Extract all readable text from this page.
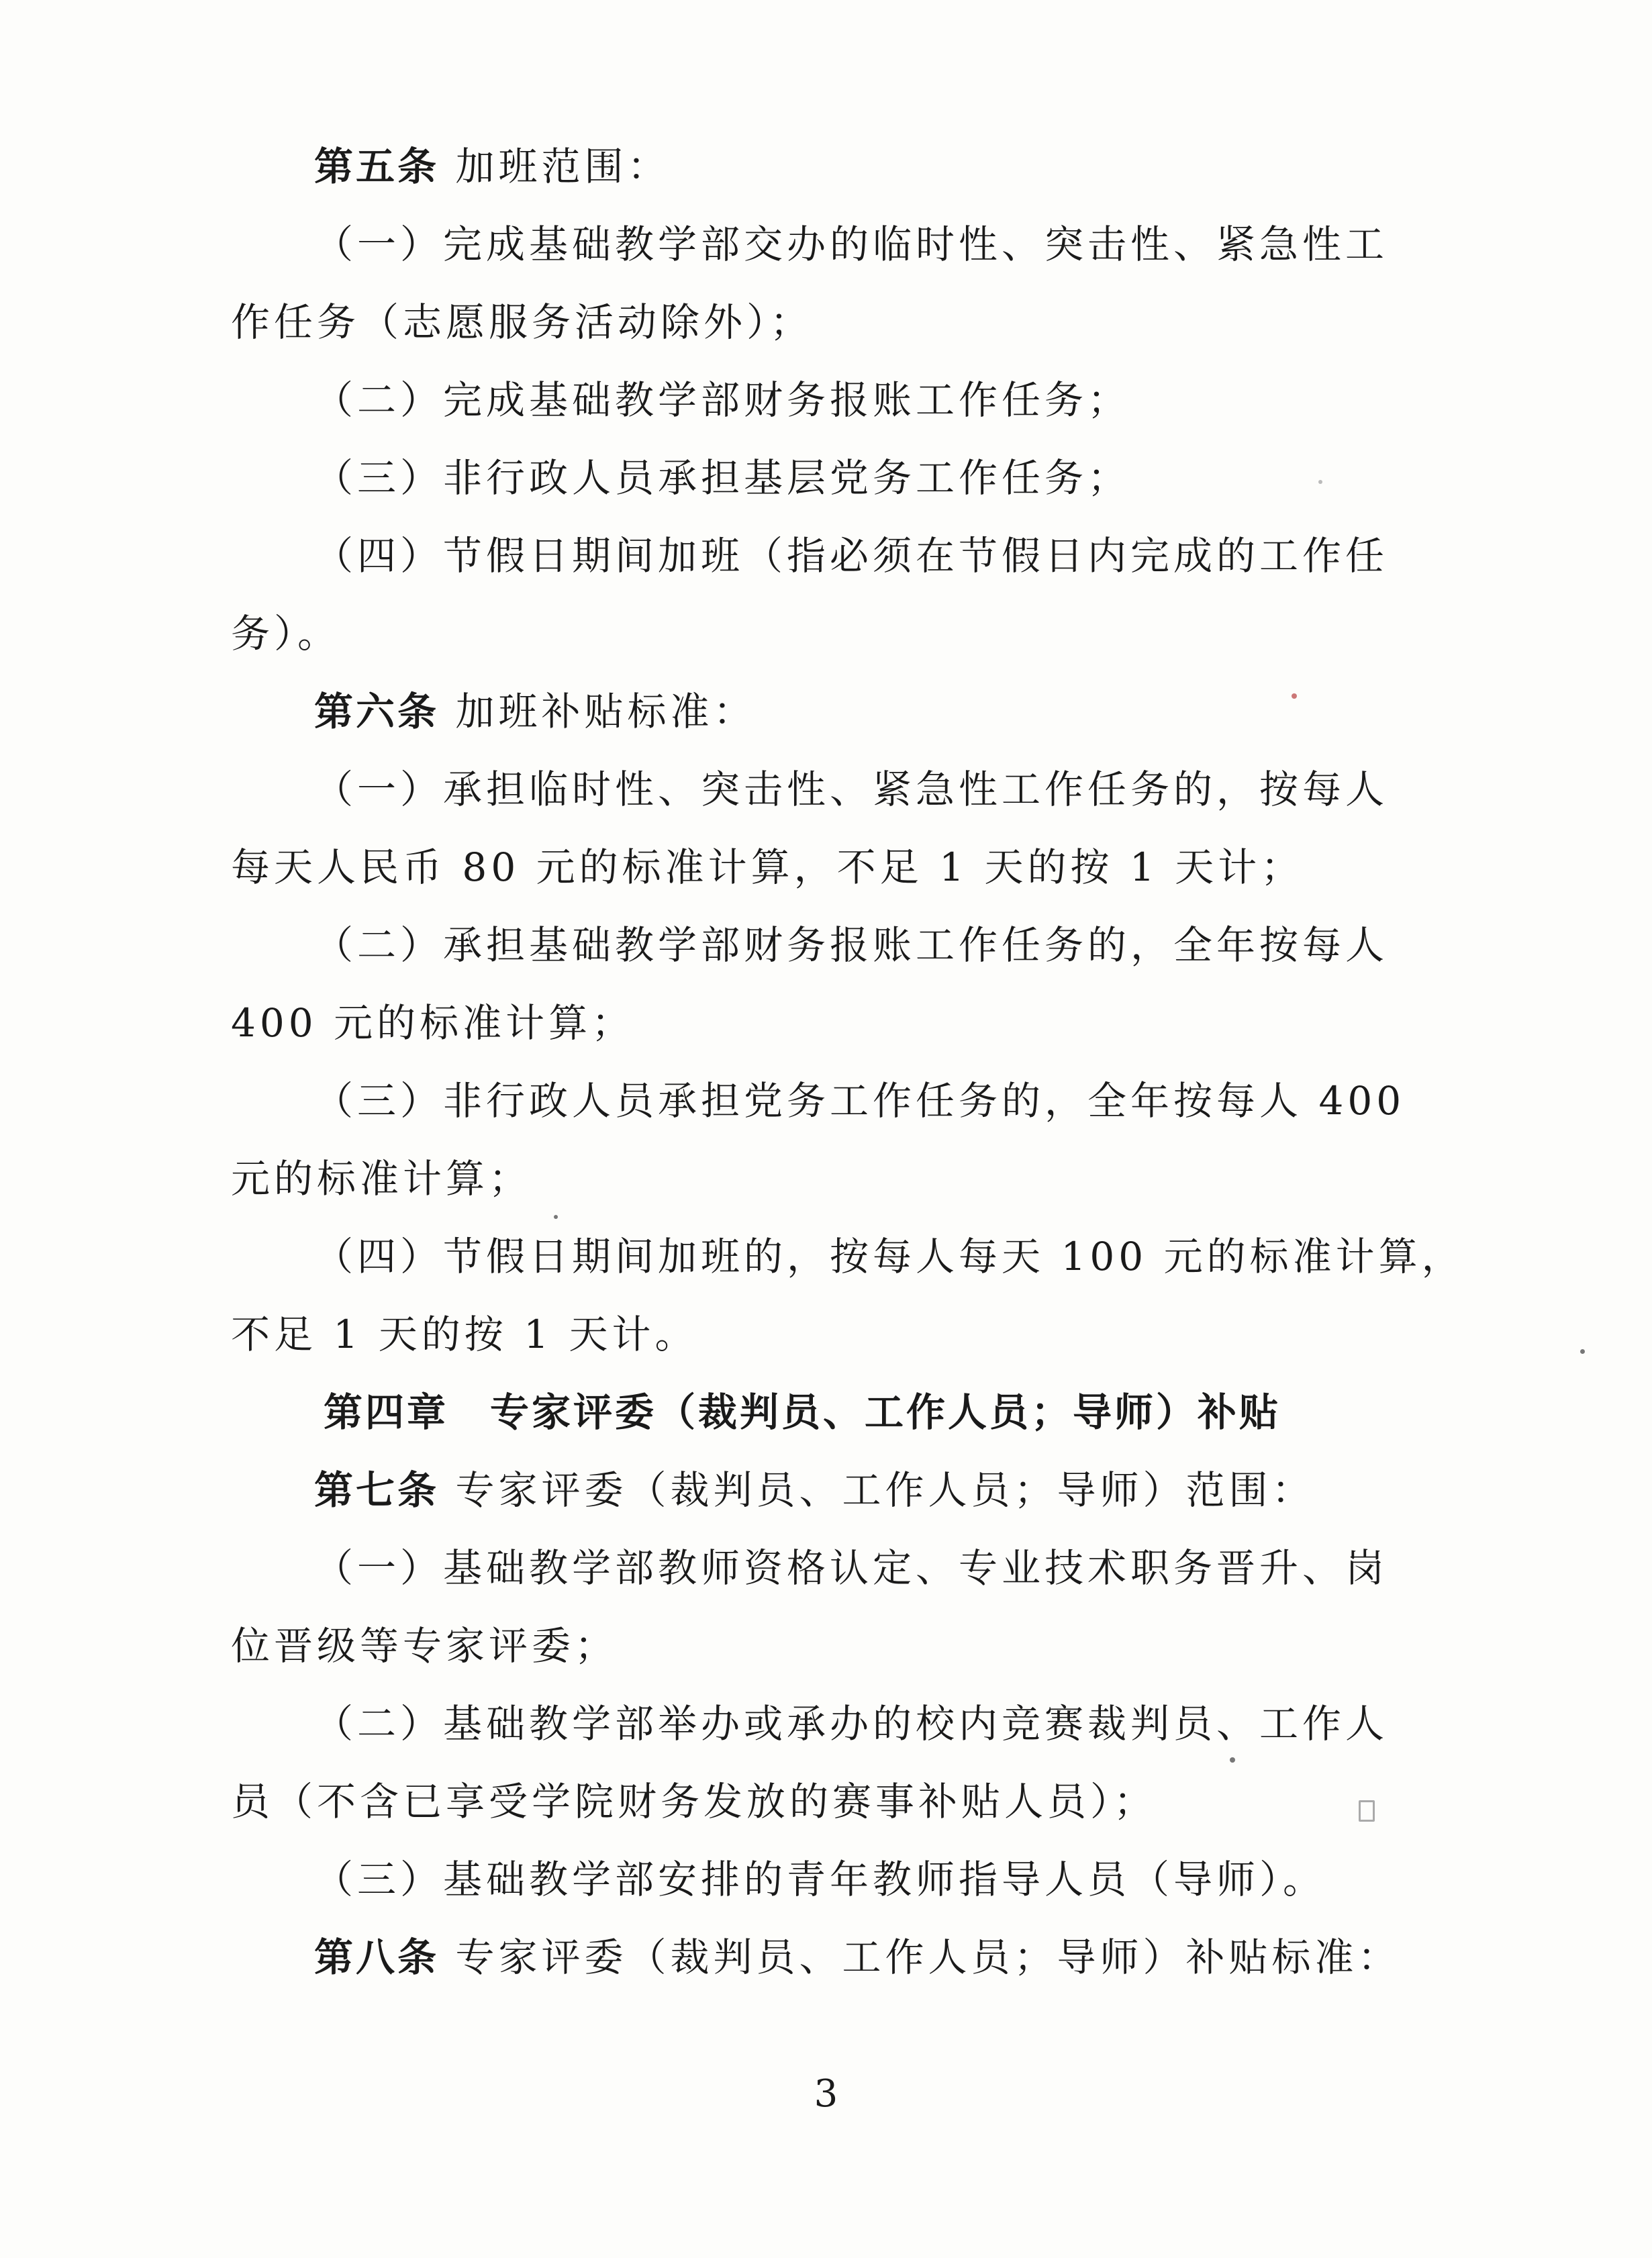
第五条 加班范围：
（一）完成基础教学部交办的临时性、突击性、紧急性工
作任务（志愿服务活动除外）；
（二）完成基础教学部财务报账工作任务；
（三）非行政人员承担基层党务工作任务；
（四）节假日期间加班（指必须在节假日内完成的工作任
务）。
第六条 加班补贴标准：
（一）承担临时性、突击性、紧急性工作任务的，按每人
每天人民币 80 元的标准计算，不足 1 天的按 1 天计；
（二）承担基础教学部财务报账工作任务的，全年按每人
400 元的标准计算；
（三）非行政人员承担党务工作任务的，全年按每人 400
元的标准计算；
（四）节假日期间加班的，按每人每天 100 元的标准计算，
不足 1 天的按 1 天计。
第四章　专家评委（裁判员、工作人员；导师）补贴
第七条 专家评委（裁判员、工作人员；导师）范围：
（一）基础教学部教师资格认定、专业技术职务晋升、岗
位晋级等专家评委；
（二）基础教学部举办或承办的校内竞赛裁判员、工作人
员（不含已享受学院财务发放的赛事补贴人员）；
（三）基础教学部安排的青年教师指导人员（导师）。
第八条 专家评委（裁判员、工作人员；导师）补贴标准：
3
